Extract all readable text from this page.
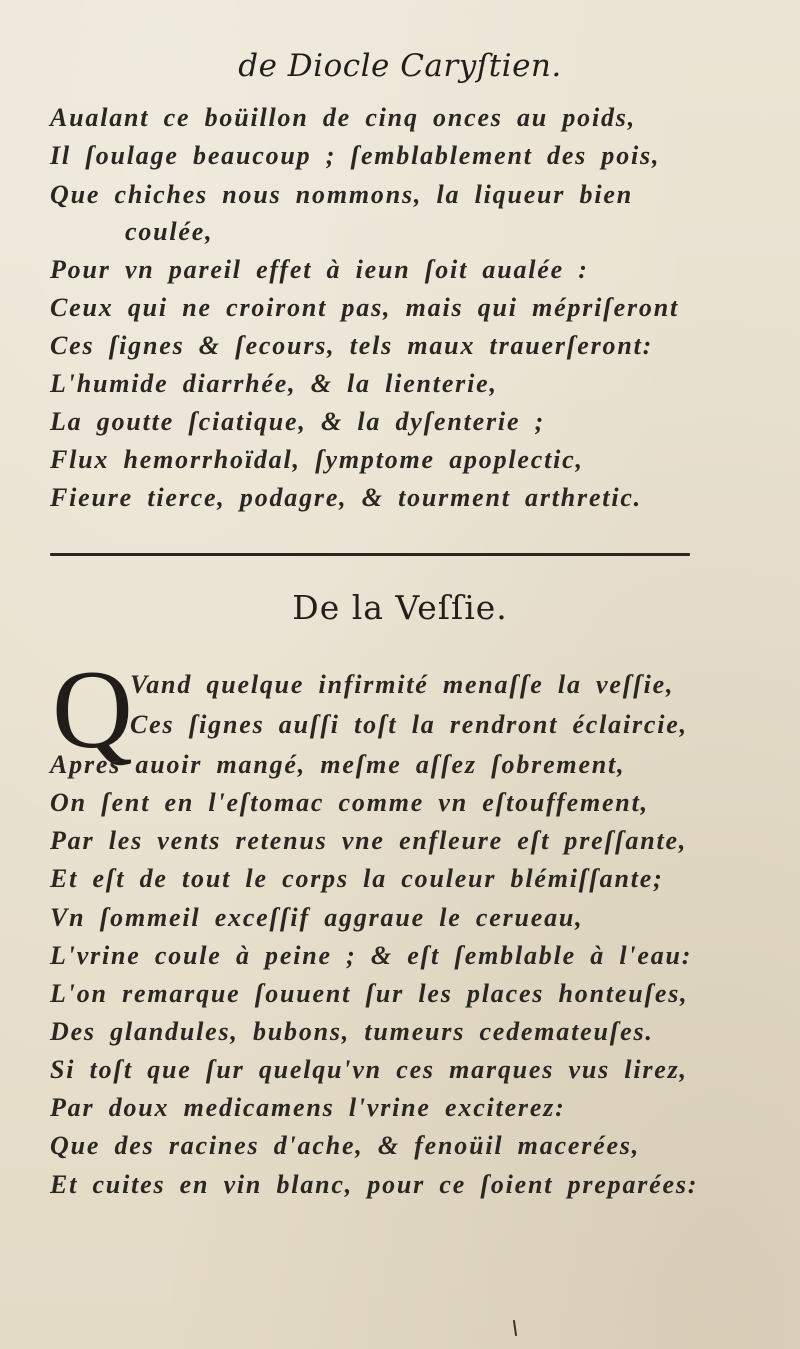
de Diocle Caryſtien.
Aualant ce boüillon de cinq onces au poids,
Il ſoulage beaucoup ; ſemblablement des pois,
Que chiches nous nommons, la liqueur bien
coulée,
Pour vn pareil effet à ieun ſoit aualée :
Ceux qui ne croiront pas, mais qui mépriſeront
Ces ſignes & ſecours, tels maux trauerſeront:
L'humide diarrhée, & la lienterie,
La goutte ſciatique, & la dyſenterie ;
Flux hemorrhoïdal, ſymptome apoplectic,
Fieure tierce, podagre, & tourment arthretic.
De la Veſſie.
Q
Vand quelque infirmité menaſſe la veſſie,
Ces ſignes auſſi toſt la rendront éclaircie,
Apres auoir mangé, meſme aſſez ſobrement,
On ſent en l'eſtomac comme vn eſtouffement,
Par les vents retenus vne enfleure eſt preſſante,
Et eſt de tout le corps la couleur blémiſſante;
Vn ſommeil exceſſif aggraue le cerueau,
L'vrine coule à peine ; & eſt ſemblable à l'eau:
L'on remarque ſouuent ſur les places honteuſes,
Des glandules, bubons, tumeurs cedemateuſes.
Si toſt que ſur quelqu'vn ces marques vus lirez,
Par doux medicamens l'vrine exciterez:
Que des racines d'ache, & fenoüil macerées,
Et cuites en vin blanc, pour ce ſoient preparées:
